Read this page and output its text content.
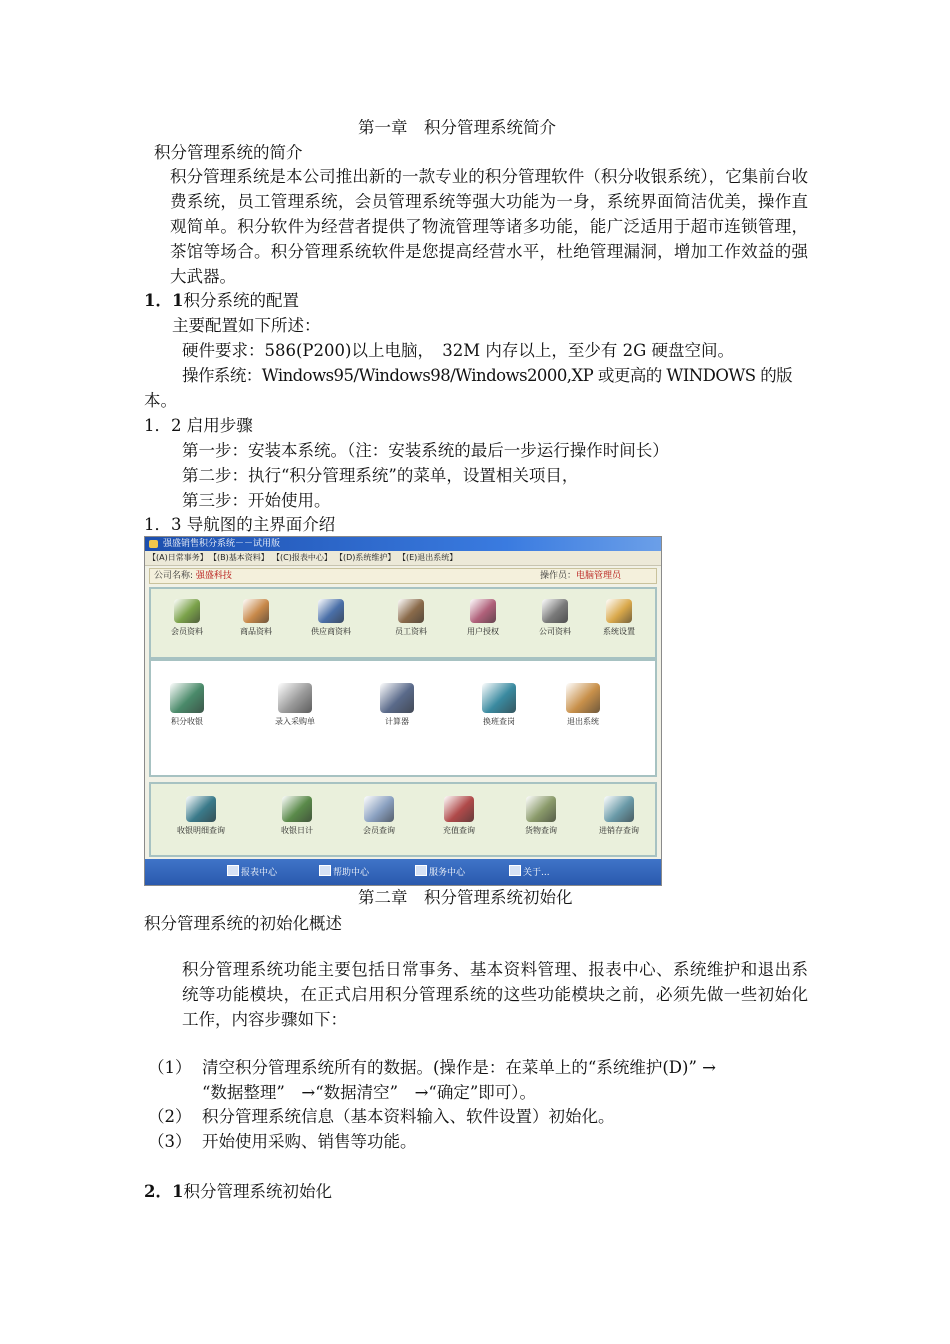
第一章　积分管理系统简介
积分管理系统的简介
积分管理系统是本公司推出新的一款专业的积分管理软件（积分收银系统），它集前台收费系统，员工管理系统，会员管理系统等强大功能为一身，系统界面简洁优美，操作直观简单。积分软件为经营者提供了物流管理等诸多功能，能广泛适用于超市连锁管理，茶馆等场合。积分管理系统软件是您提高经营水平，杜绝管理漏洞，增加工作效益的强大武器。
1．1积分系统的配置
主要配置如下所述：
硬件要求：586(P200)以上电脑，　32M 内存以上，至少有 2G 硬盘空间。
操作系统：Windows95/Windows98/Windows2000,XP 或更高的 WINDOWS 的版
本。
1．2 启用步骤
第一步：安装本系统。（注：安装系统的最后一步运行操作时间长）
第二步：执行“积分管理系统”的菜单，设置相关项目，
第三步：开始使用。
1．3 导航图的主界面介绍
强盛销售积分系统－－试用版
【(A)日常事务】 【(B)基本资料】 【(C)报表中心】 【(D)系统维护】 【(E)退出系统】
公司名称: 强盛科技	操作员：电脑管理员
会员资料	商品资料	供应商资料	员工资料	用户授权	公司资料	系统设置
积分收银	录入采购单	计算器	换班查岗	退出系统
收银明细查询	收银日计	会员查询	充值查询	货物查询	进销存查询
报表中心	帮助中心	服务中心	关于...
第二章　积分管理系统初始化
积分管理系统的初始化概述
积分管理系统功能主要包括日常事务、基本资料管理、报表中心、系统维护和退出系统等功能模块，在正式启用积分管理系统的这些功能模块之前，必须先做一些初始化工作，内容步骤如下：
（1） 清空积分管理系统所有的数据。(操作是：在菜单上的“系统维护(D)” →
“数据整理”　→“数据清空”　→“确定”即可）。
（2） 积分管理系统信息（基本资料输入、软件设置）初始化。
（3） 开始使用采购、销售等功能。
2．1积分管理系统初始化
